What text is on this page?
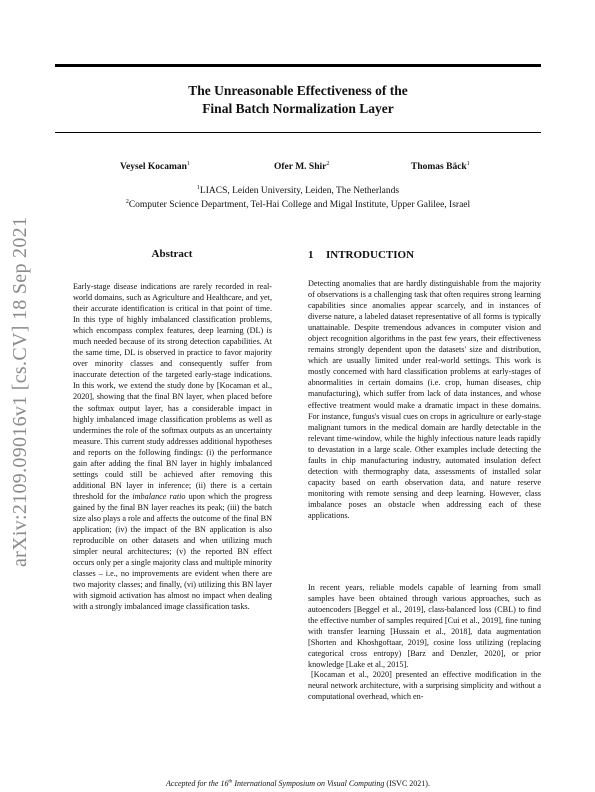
arXiv:2109.09016v1 [cs.CV] 18 Sep 2021
The Unreasonable Effectiveness of the
Final Batch Normalization Layer
Veysel Kocaman$^1$	Ofer M. Shir$^2$	Thomas Bäck$^1$
$^1$LIACS, Leiden University, Leiden, The Netherlands
$^2$Computer Science Department, Tel-Hai College and Migal Institute, Upper Galilee, Israel
Abstract
Early-stage disease indications are rarely recorded in real-world domains, such as Agriculture and Healthcare, and yet, their accurate identification is critical in that point of time. In this type of highly imbalanced classification problems, which encompass complex features, deep learning (DL) is much needed because of its strong detection capabilities. At the same time, DL is observed in practice to favor majority over minority classes and consequently suffer from inaccurate detection of the targeted early-stage indications. In this work, we extend the study done by [Kocaman et al., 2020], showing that the final BN layer, when placed before the softmax output layer, has a considerable impact in highly imbalanced image classification problems as well as undermines the role of the softmax outputs as an uncertainty measure. This current study addresses additional hypotheses and reports on the following findings: (i) the performance gain after adding the final BN layer in highly imbalanced settings could still be achieved after removing this additional BN layer in inference; (ii) there is a certain threshold for the imbalance ratio upon which the progress gained by the final BN layer reaches its peak; (iii) the batch size also plays a role and affects the outcome of the final BN application; (iv) the impact of the BN application is also reproducible on other datasets and when utilizing much simpler neural architectures; (v) the reported BN effect occurs only per a single majority class and multiple minority classes – i.e., no improvements are evident when there are two majority classes; and finally, (vi) utilizing this BN layer with sigmoid activation has almost no impact when dealing with a strongly imbalanced image classification tasks.
1 INTRODUCTION

Detecting anomalies that are hardly distinguishable from the majority of observations is a challenging task that often requires strong learning capabilities since anomalies appear scarcely, and in instances of diverse nature, a labeled dataset representative of all forms is typically unattainable. Despite tremendous advances in computer vision and object recognition algorithms in the past few years, their effectiveness remains strongly dependent upon the datasets' size and distribution, which are usually limited under real-world settings. This work is mostly concerned with hard classification problems at early-stages of abnormalities in certain domains (i.e. crop, human diseases, chip manufacturing), which suffer from lack of data instances, and whose effective treatment would make a dramatic impact in these domains. For instance, fungus's visual cues on crops in agriculture or early-stage malignant tumors in the medical domain are hardly detectable in the relevant time-window, while the highly infectious nature leads rapidly to devastation in a large scale. Other examples include detecting the faults in chip manufacturing industry, automated insulation defect detection with thermography data, assessments of installed solar capacity based on earth observation data, and nature reserve monitoring with remote sensing and deep learning. However, class imbalance poses an obstacle when addressing each of these applications.

In recent years, reliable models capable of learning from small samples have been obtained through various approaches, such as autoencoders [Beggel et al., 2019], class-balanced loss (CBL) to find the effective number of samples required [Cui et al., 2019], fine tuning with transfer learning [Hussain et al., 2018], data augmentation [Shorten and Khoshgoftaar, 2019], cosine loss utilizing (replacing categorical cross entropy) [Barz and Denzler, 2020], or prior knowledge [Lake et al., 2015].

[Kocaman et al., 2020] presented an effective modification in the neural network architecture, with a surprising simplicity and without a computational overhead, which en-

Accepted for the 16th International Symposium on Visual Computing (ISVC 2021).
